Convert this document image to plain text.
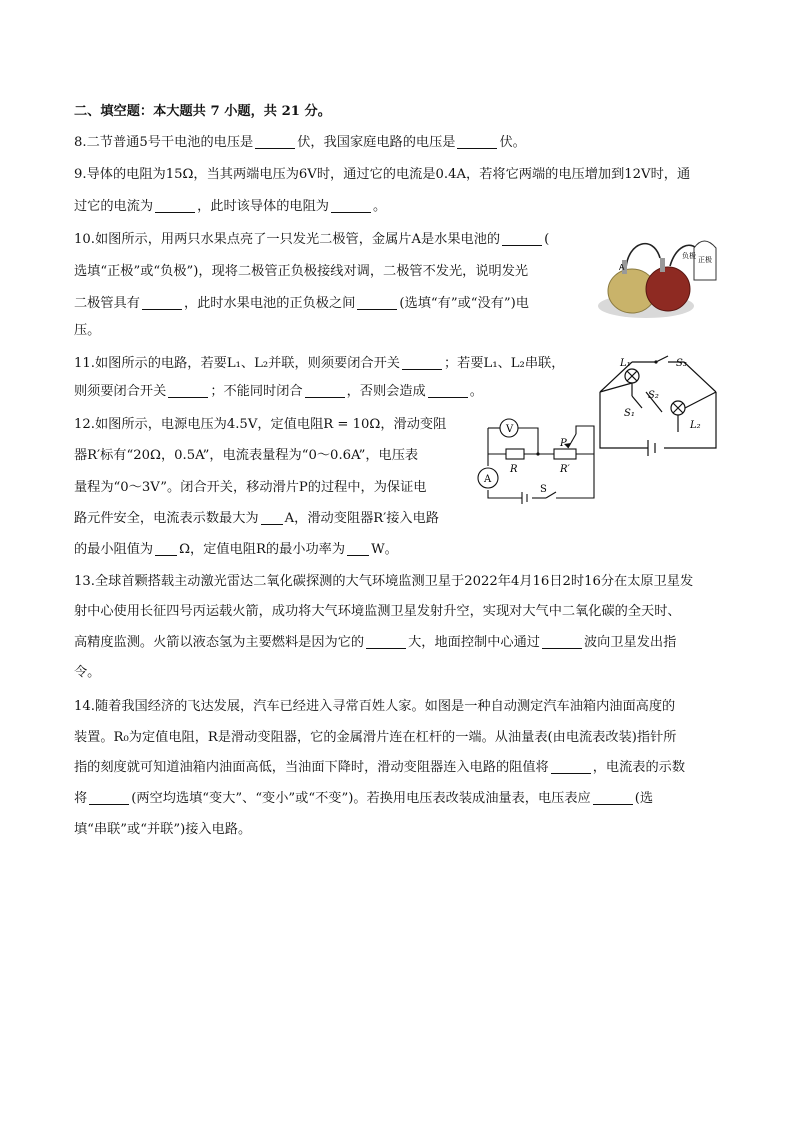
二、填空题：本大题共 7 小题，共 21 分。
8.二节普通5号干电池的电压是	伏，我国家庭电路的电压是	伏。
9.导体的电阻为15Ω，当其两端电压为6V时，通过它的电流是0.4A，若将它两端的电压增加到12V时，通
过它的电流为	，此时该导体的电阻为	。
10.如图所示，用两只水果点亮了一只发光二极管，金属片A是水果电池的	(
选填“正极”或“负极”)，现将二极管正负极接线对调，二极管不发光，说明发光
二极管具有	，此时水果电池的正负极之间	(选填“有”或“没有”)电
压。
11.如图所示的电路，若要L₁、L₂并联，则须要闭合开关	；若要L₁、L₂串联，
则须要闭合开关	；不能同时闭合	，否则会造成	。
12.如图所示，电源电压为4.5V，定值电阻R = 10Ω，滑动变阻
器R′标有“20Ω，0.5A”，电流表量程为“0～0.6A”，电压表
量程为“0～3V”。闭合开关，移动滑片P的过程中，为保证电
路元件安全，电流表示数最大为 A，滑动变阻器R′接入电路
的最小阻值为 Ω，定值电阻R的最小功率为 W。
13.全球首颗搭载主动激光雷达二氧化碳探测的大气环境监测卫星于2022年4月16日2时16分在太原卫星发
射中心使用长征四号丙运载火箭，成功将大气环境监测卫星发射升空，实现对大气中二氧化碳的全天时、
高精度监测。火箭以液态氢为主要燃料是因为它的	大，地面控制中心通过	波向卫星发出指
令。
14.随着我国经济的飞达发展，汽车已经进入寻常百姓人家。如图是一种自动测定汽车油箱内油面高度的
装置。R₀为定值电阻，R是滑动变阻器，它的金属滑片连在杠杆的一端。从油量表(由电流表改装)指针所
指的刻度就可知道油箱内油面高低，当油面下降时，滑动变阻器连入电路的阻值将	，电流表的示数
将	(两空均选填“变大”、“变小”或“不变”)。若换用电压表改装成油量表，电压表应	(选
填“串联”或“并联”)接入电路。
A
负极 正极
L₁
L₂
S₁
S₂
S₃
V
A
R	R′
P
S
